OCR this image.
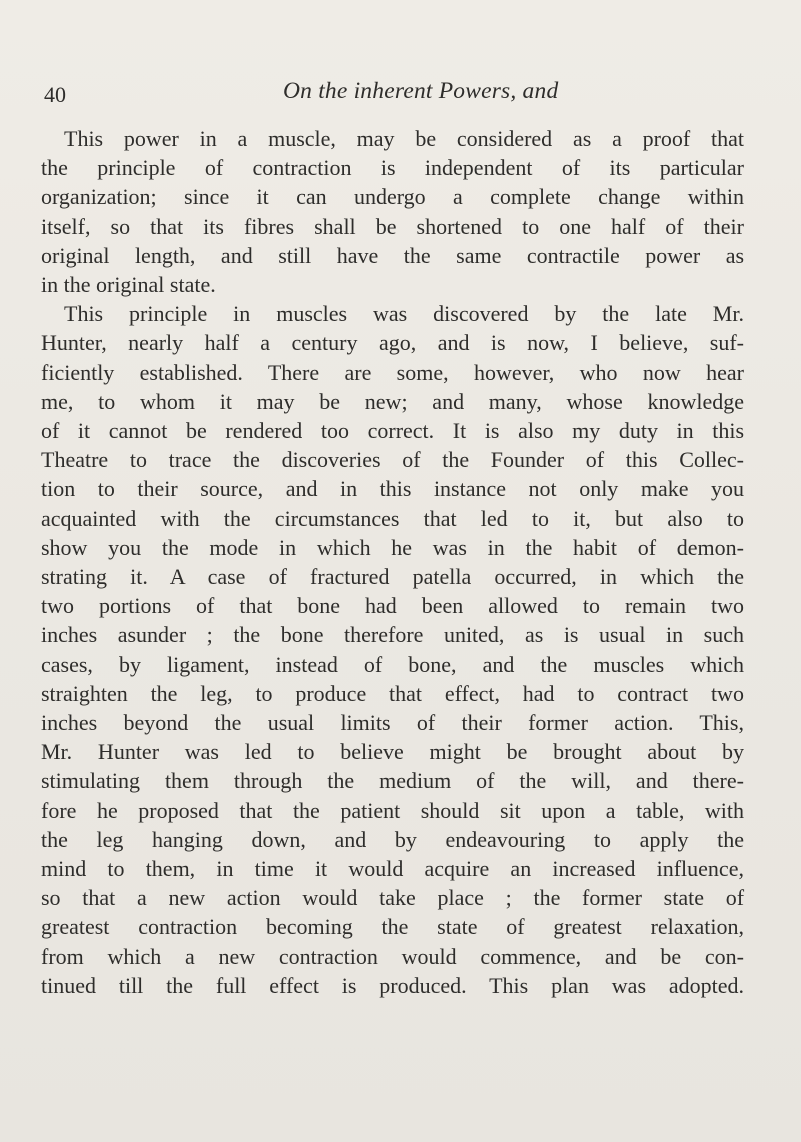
40	On the inherent Powers, and
This power in a muscle, may be considered as a proof that
the principle of contraction is independent of its particular
organization; since it can undergo a complete change within
itself, so that its fibres shall be shortened to one half of their
original length, and still have the same contractile power as
in the original state.
This principle in muscles was discovered by the late Mr.
Hunter, nearly half a century ago, and is now, I believe, suf-
ficiently established. There are some, however, who now hear
me, to whom it may be new; and many, whose knowledge
of it cannot be rendered too correct. It is also my duty in this
Theatre to trace the discoveries of the Founder of this Collec-
tion to their source, and in this instance not only make you
acquainted with the circumstances that led to it, but also to
show you the mode in which he was in the habit of demon-
strating it. A case of fractured patella occurred, in which the
two portions of that bone had been allowed to remain two
inches asunder ; the bone therefore united, as is usual in such
cases, by ligament, instead of bone, and the muscles which
straighten the leg, to produce that effect, had to contract two
inches beyond the usual limits of their former action. This,
Mr. Hunter was led to believe might be brought about by
stimulating them through the medium of the will, and there-
fore he proposed that the patient should sit upon a table, with
the leg hanging down, and by endeavouring to apply the
mind to them, in time it would acquire an increased influence,
so that a new action would take place ; the former state of
greatest contraction becoming the state of greatest relaxation,
from which a new contraction would commence, and be con-
tinued till the full effect is produced. This plan was adopted.
